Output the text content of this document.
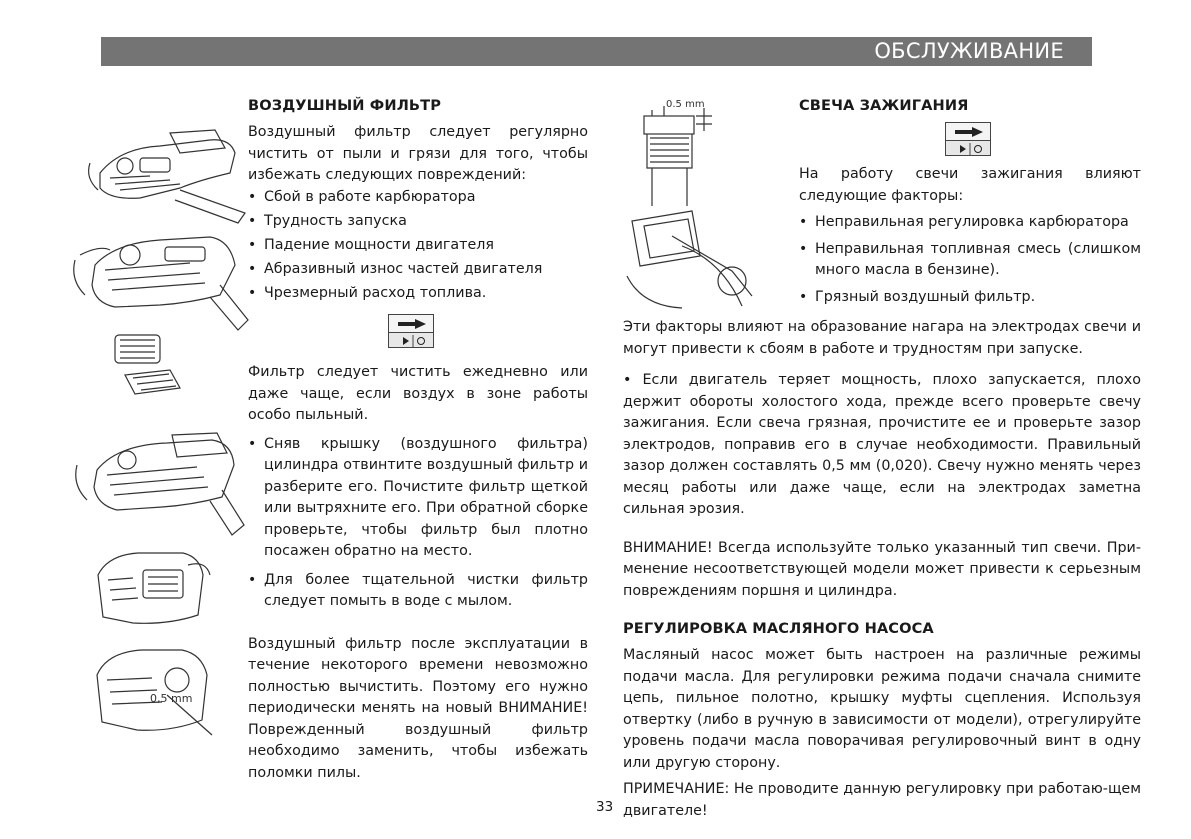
ОБСЛУЖИВАНИЕ
0,5 mm
0.5 mm
ВОЗДУШНЫЙ ФИЛЬТР

Воздушный фильтр следует регулярно чистить от пыли и грязи для того, чтобы избежать следующих повреждений:

• Сбой в работе карбюратора
• Трудность запуска
• Падение мощности двигателя
• Абразивный износ частей двигателя
• Чрезмерный расход топлива.

Фильтр следует чистить ежедневно или даже чаще, если воздух в зоне работы особо пыльный.

• Сняв крышку (воздушного фильтра) цилиндра отвинтите воздушный фильтр и разберите его. Почистите фильтр щеткой или вытряхните его. При обратной сборке проверьте, чтобы фильтр был плотно посажен обратно на место.
• Для более тщательной чистки фильтр следует помыть в воде с мылом.

Воздушный фильтр после эксплуатации в течение некоторого времени невозможно полностью вычистить. Поэтому его нужно периодически менять на новый ВНИМАНИЕ! Поврежденный воздушный фильтр необходимо заменить, чтобы избежать поломки пилы.

СВЕЧА ЗАЖИГАНИЯ

На работу свечи зажигания влияют следующие факторы:

• Неправильная регулировка карбюратора
• Неправильная топливная смесь (слишком много масла в бензине).
• Грязный воздушный фильтр.

Эти факторы влияют на образование нагара на электродах свечи и могут привести к сбоям в работе и трудностям при запуске.

• Если двигатель теряет мощность, плохо запускается, плохо держит обороты холостого хода, прежде всего проверьте свечу зажигания. Если свеча грязная, прочистите ее и проверьте зазор электродов, поправив его в случае необходимости. Правильный зазор должен составлять 0,5 мм (0,020). Свечу нужно менять через месяц работы или даже чаще, если на электродах заметна сильная эрозия.

ВНИМАНИЕ! Всегда используйте только указанный тип свечи. При-менение несоответствующей модели может привести к серьезным повреждениям поршня и цилиндра.

РЕГУЛИРОВКА МАСЛЯНОГО НАСОСА

Масляный насос может быть настроен на различные режимы подачи масла. Для регулировки режима подачи сначала снимите цепь, пильное полотно, крышку муфты сцепления. Используя отвертку (либо в ручную в зависимости от модели), отрегулируйте уровень подачи масла поворачивая регулировочный винт в одну или другую сторону.

ПРИМЕЧАНИЕ: Не проводите данную регулировку при работаю-щем двигателе!

33
